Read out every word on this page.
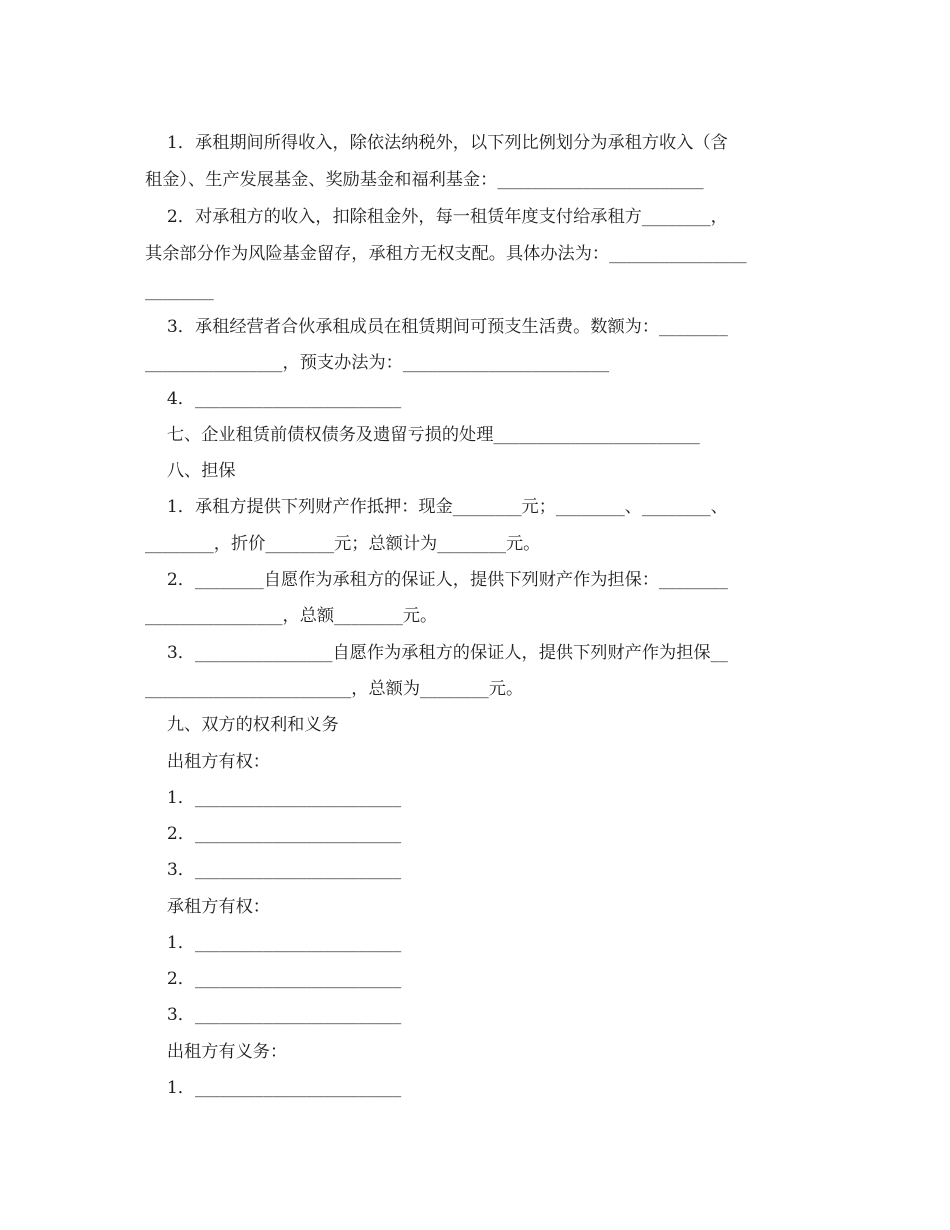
1．承租期间所得收入，除依法纳税外，以下列比例划分为承租方收入（含

租金）、生产发展基金、奖励基金和福利基金：________________________

2．对承租方的收入，扣除租金外，每一租赁年度支付给承租方________，

其余部分作为风险基金留存，承租方无权支配。具体办法为：________________

________

3．承租经营者合伙承租成员在租赁期间可预支生活费。数额为：________

________________，预支办法为：________________________

4．________________________

七、企业租赁前债权债务及遗留亏损的处理________________________

八、担保

1．承租方提供下列财产作抵押：现金________元；________、________、

________，折价________元；总额计为________元。

2．________自愿作为承租方的保证人，提供下列财产作为担保：________

________________，总额________元。

3．________________自愿作为承租方的保证人，提供下列财产作为担保__

________________________，总额为________元。

九、双方的权利和义务

出租方有权：

1．________________________

2．________________________

3．________________________

承租方有权：

1．________________________

2．________________________

3．________________________

出租方有义务：

1．________________________
